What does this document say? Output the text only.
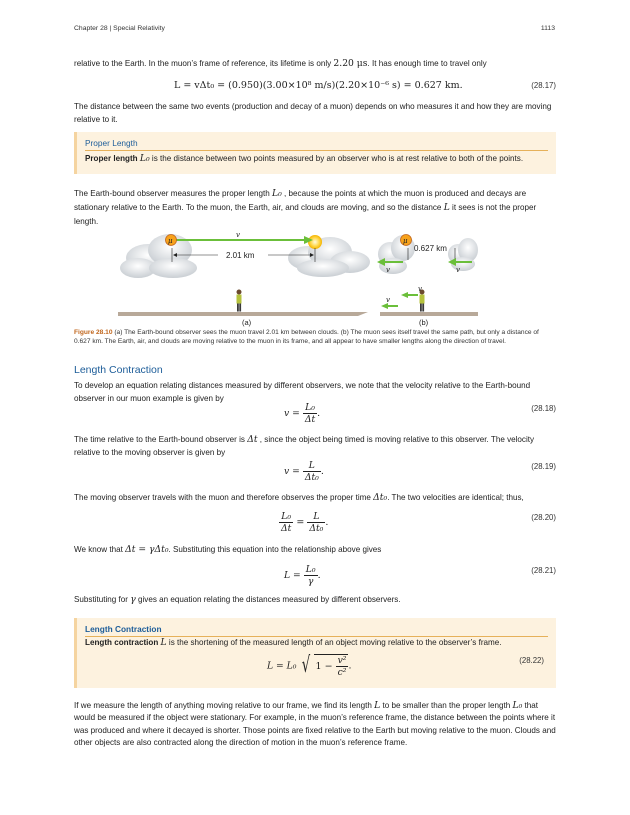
Chapter 28 | Special Relativity	1113

relative to the Earth. In the muon’s frame of reference, its lifetime is only 2.20 μs. It has enough time to travel only

L = vΔt₀ = (0.950)(3.00×10⁸ m/s)(2.20×10⁻⁶ s) = 0.627 km.	(28.17)

The distance between the same two events (production and decay of a muon) depends on who measures it and how they are moving relative to it.

Proper Length
Proper length L₀ is the distance between two points measured by an observer who is at rest relative to both of the points.

The Earth-bound observer measures the proper length L₀ , because the points at which the muon is produced and decays are stationary relative to the Earth. To the muon, the Earth, air, and clouds are moving, and so the distance L it sees is not the proper length.

v
μ
2.01 km
μ
0.627 km
v	v
v
v
(a)	(b)
Figure 28.10 (a) The Earth-bound observer sees the muon travel 2.01 km between clouds. (b) The muon sees itself travel the same path, but only a distance of 0.627 km. The Earth, air, and clouds are moving relative to the muon in its frame, and all appear to have smaller lengths along the direction of travel.
Length Contraction

To develop an equation relating distances measured by different observers, we note that the velocity relative to the Earth-bound observer in our muon example is given by

$v = \frac{\text{L₀}}{\Delta t}$ .	(28.18)

The time relative to the Earth-bound observer is Δt , since the object being timed is moving relative to this observer. The velocity relative to the moving observer is given by

$v = \frac{L}{\text{Δt₀}}$ .	(28.19)

The moving observer travels with the muon and therefore observes the proper time Δt₀. The two velocities are identical; thus,

$\frac{\text{L₀}}{\Delta t} = \frac{L}{\text{Δt₀}}$ .	(28.20)

We know that Δt = γΔt₀. Substituting this equation into the relationship above gives

$L = \frac{\text{L₀}}{\gamma}$ .	(28.21)

Substituting for γ gives an equation relating the distances measured by different observers.

Length Contraction
Length contraction L is the shortening of the measured length of an object moving relative to the observer’s frame.
L = L₀ √ $1 - \frac{\text{v²}}{\text{c²}}$ .	(28.22)

If we measure the length of anything moving relative to our frame, we find its length L to be smaller than the proper length L₀ that would be measured if the object were stationary. For example, in the muon’s reference frame, the distance between the points where it was produced and where it decayed is shorter. Those points are fixed relative to the Earth but moving relative to the muon. Clouds and other objects are also contracted along the direction of motion in the muon’s reference frame.
